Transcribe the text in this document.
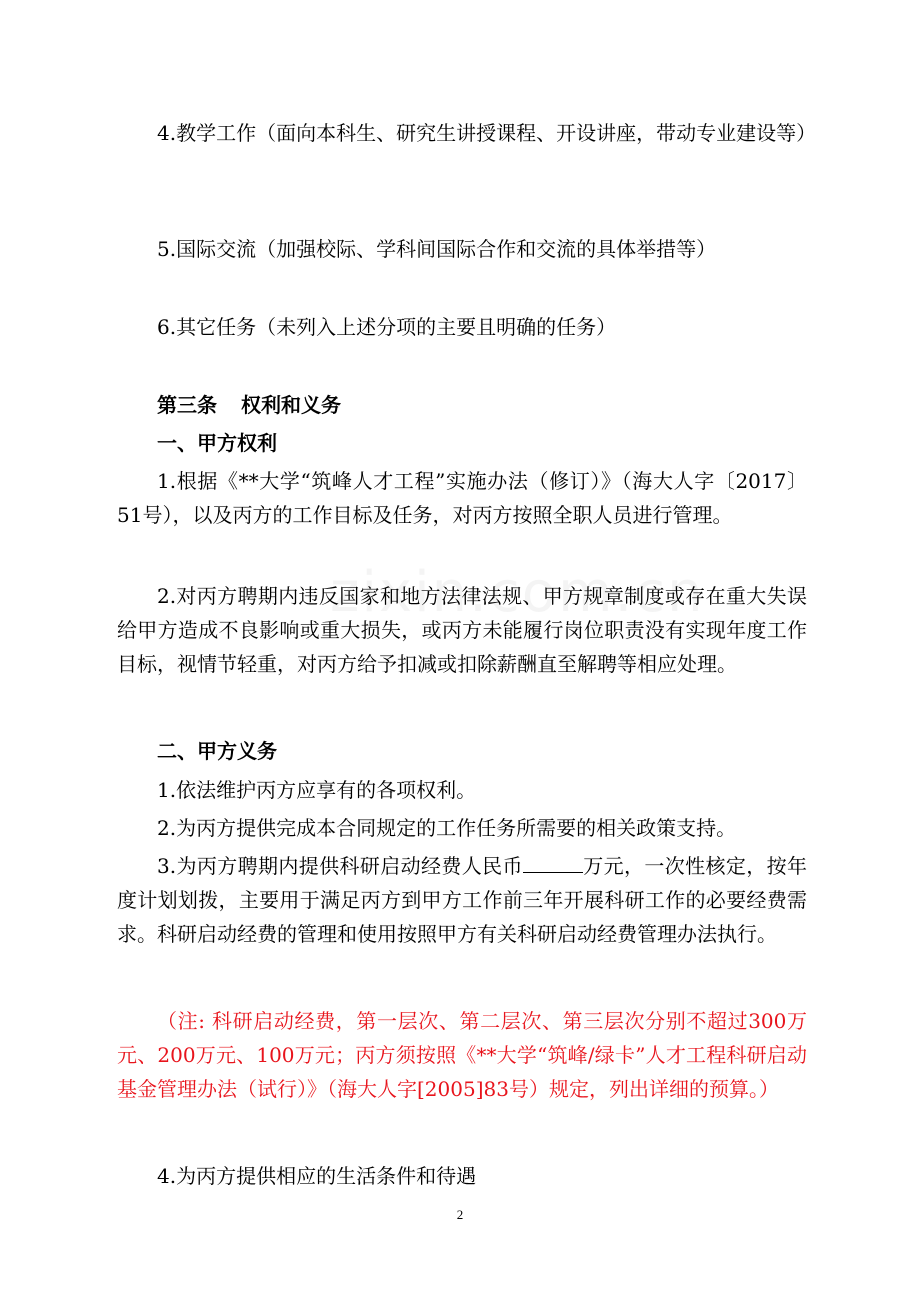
4.教学工作（面向本科生、研究生讲授课程、开设讲座，带动专业建设等）

5.国际交流（加强校际、学科间国际合作和交流的具体举措等）

6.其它任务（未列入上述分项的主要且明确的任务）

第三条 权利和义务

一、甲方权利

1.根据《**大学“筑峰人才工程”实施办法（修订）》（海大人字〔2017〕51号），以及丙方的工作目标及任务，对丙方按照全职人员进行管理。

2.对丙方聘期内违反国家和地方法律法规、甲方规章制度或存在重大失误给甲方造成不良影响或重大损失，或丙方未能履行岗位职责没有实现年度工作目标，视情节轻重，对丙方给予扣减或扣除薪酬直至解聘等相应处理。

二、甲方义务

1.依法维护丙方应享有的各项权利。

2.为丙方提供完成本合同规定的工作任务所需要的相关政策支持。

3.为丙方聘期内提供科研启动经费人民币	万元，一次性核定，按年度计划划拨，主要用于满足丙方到甲方工作前三年开展科研工作的必要经费需求。科研启动经费的管理和使用按照甲方有关科研启动经费管理办法执行。

（注: 科研启动经费，第一层次、第二层次、第三层次分别不超过300万元、200万元、100万元；丙方须按照《**大学“筑峰/绿卡”人才工程科研启动基金管理办法（试行）》（海大人字[2005]83号）规定，列出详细的预算。）

4.为丙方提供相应的生活条件和待遇

2
